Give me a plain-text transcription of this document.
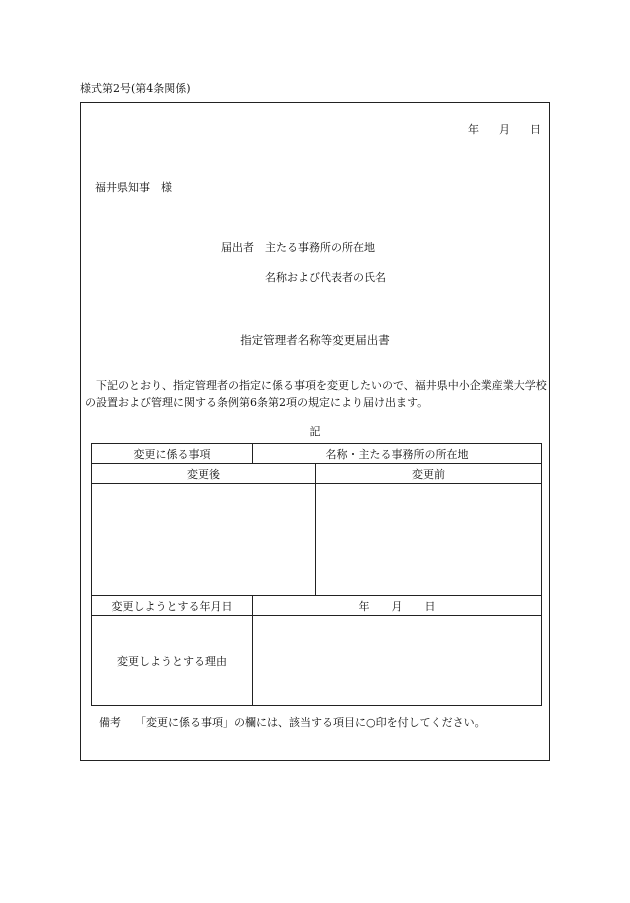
様式第2号(第4条関係)
年 月 日
福井県知事　様
届出者 主たる事務所の所在地
名称および代表者の氏名
指定管理者名称等変更届出書
下記のとおり、指定管理者の指定に係る事項を変更したいので、福井県中小企業産業大学校の設置および管理に関する条例第6条第2項の規定により届け出ます。
記
変更に係る事項	名称・主たる事務所の所在地	
変更後		変更前

変更しようとする年月日	年 月 日	
変更しようとする理由		
備考 「変更に係る事項」の欄には、該当する項目に○印を付してください。
